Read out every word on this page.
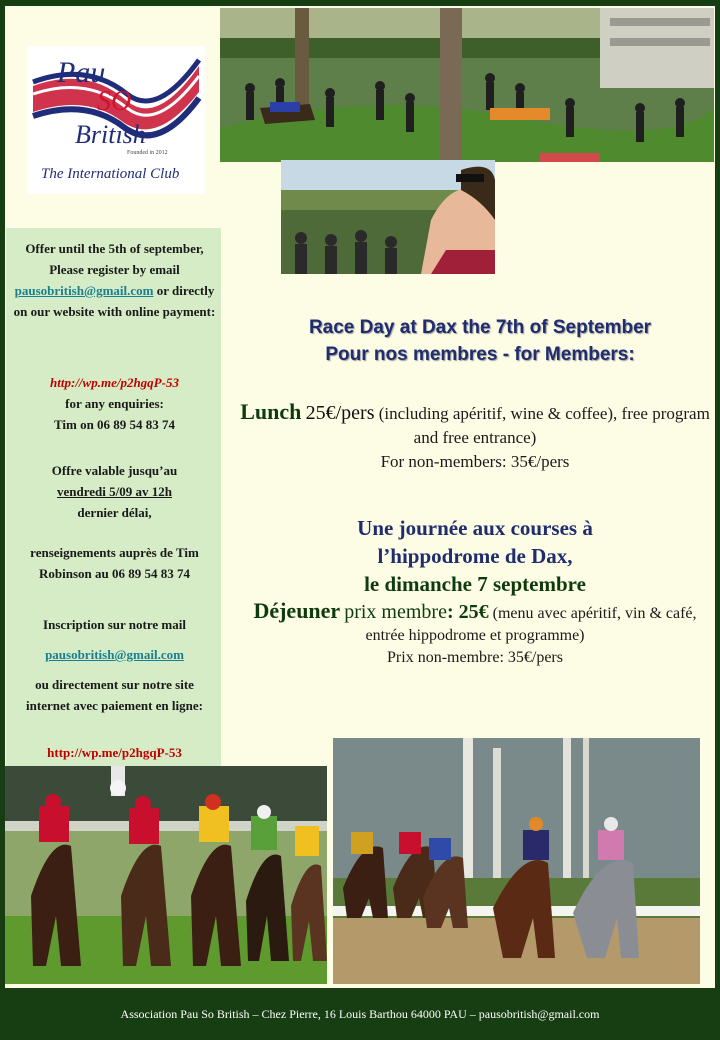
Pau
SO
British
Founded in 2012
The International Club
Offer until the 5th of september, Please register by email
pausobritish@gmail.com or directly on our website with online payment:
http://wp.me/p2hgqP-53
for any enquiries:
Tim on 06 89 54 83 74
Offre valable jusqu’au
vendredi 5/09 av 12h
dernier délai,
renseignements auprès de Tim Robinson au 06 89 54 83 74
Inscription sur notre mail
pausobritish@gmail.com
ou directement sur notre site internet avec paiement en ligne:
http://wp.me/p2hgqP-53
Race Day at Dax the 7th of September
Pour nos membres - for Members:
Lunch 25€/pers (including apéritif, wine & coffee), free program and free entrance)
For non-members: 35€/pers
Une journée aux courses à
l’hippodrome de Dax,
le dimanche 7 septembre
Déjeuner prix membre: 25€ (menu avec apéritif, vin & café, entrée hippodrome et programme)
Prix non-membre: 35€/pers
Association Pau So British – Chez Pierre, 16 Louis Barthou 64000 PAU – pausobritish@gmail.com
